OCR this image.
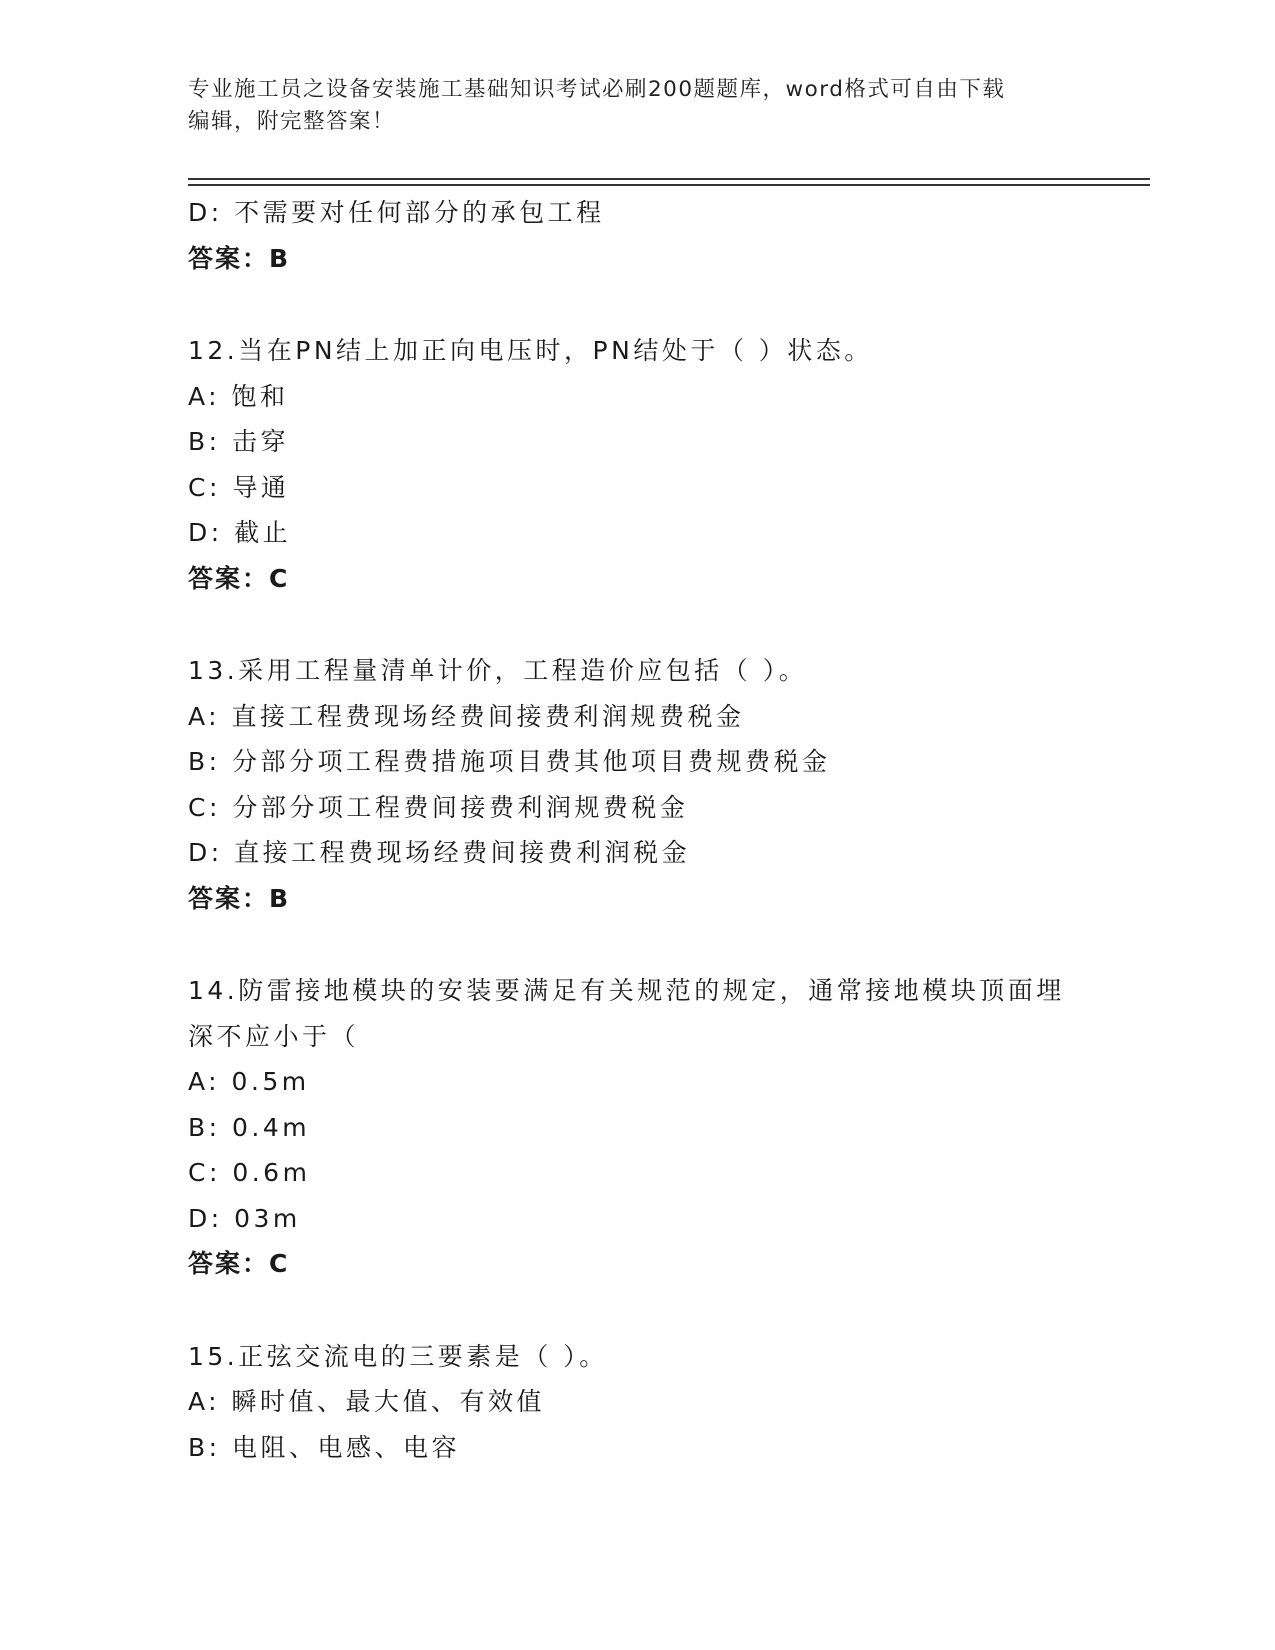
专业施工员之设备安装施工基础知识考试必刷200题题库，word格式可自由下载
编辑，附完整答案！
D: 不需要对任何部分的承包工程
答案：B
12.当在PN结上加正向电压时，PN结处于（ ）状态。
A: 饱和
B: 击穿
C: 导通
D: 截止
答案：C
13.采用工程量清单计价，工程造价应包括（ ）。
A: 直接工程费现场经费间接费利润规费税金
B: 分部分项工程费措施项目费其他项目费规费税金
C: 分部分项工程费间接费利润规费税金
D: 直接工程费现场经费间接费利润税金
答案：B
14.防雷接地模块的安装要满足有关规范的规定，通常接地模块顶面埋
深不应小于（
A: 0.5m
B: 0.4m
C: 0.6m
D: 03m
答案：C
15.正弦交流电的三要素是（ ）。
A: 瞬时值、最大值、有效值
B: 电阻、电感、电容
